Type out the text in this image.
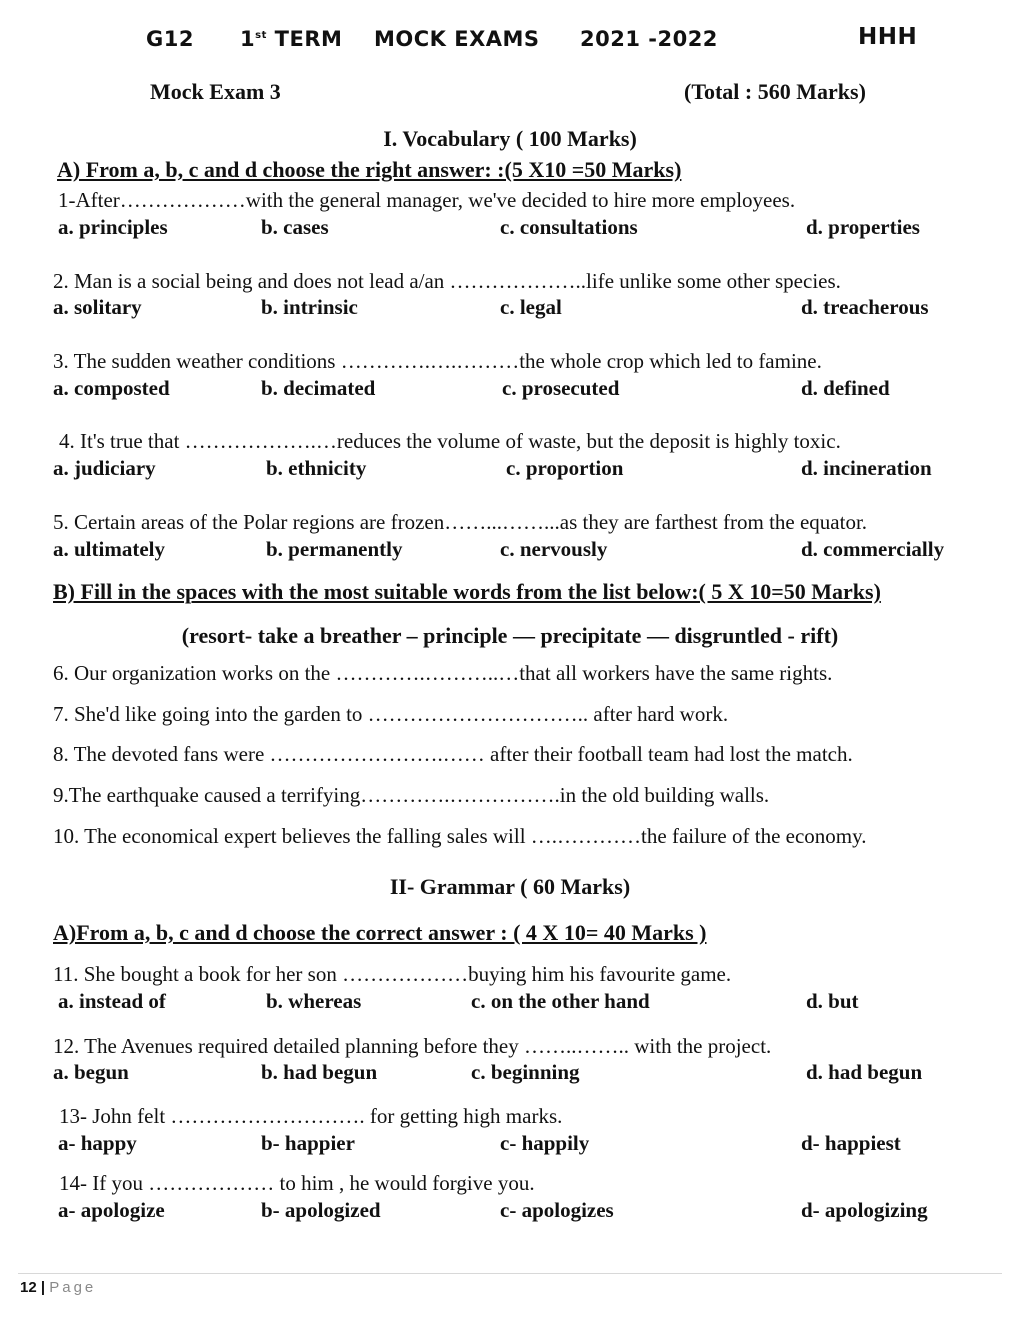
G12 1st TERM MOCK EXAMS 2021 -2022	HHH
Mock Exam 3	(Total : 560 Marks)
I. Vocabulary ( 100 Marks)
A) From a, b, c and d choose the right answer: :(5 X10 =50 Marks)
1-After………………with the general manager, we've decided to hire more employees.
a. principles	b. cases	c. consultations	d. properties
2. Man is a social being and does not lead a/an ………………..life unlike some other species.
a. solitary	b. intrinsic	c. legal	d. treacherous
3. The sudden weather conditions ………….….………the whole crop which led to famine.
a. composted	b. decimated	c. prosecuted	d. defined
4. It's true that ……………….…reduces the volume of waste, but the deposit is highly toxic.
a. judiciary	b. ethnicity	c. proportion	d. incineration
5. Certain areas of the Polar regions are frozen……...……...as they are farthest from the equator.
a. ultimately	b. permanently	c. nervously	d. commercially
B) Fill in the spaces with the most suitable words from the list below:( 5 X 10=50 Marks)
(resort- take a breather – principle — precipitate — disgruntled - rift)
6. Our organization works on the ………….………..…that all workers have the same rights.
7. She'd like going into the garden to ………………………….. after hard work.
8. The devoted fans were …………………….…… after their football team had lost the match.
9.The earthquake caused a terrifying………….…………….in the old building walls.
10. The economical expert believes the falling sales will ….…………the failure of the economy.
II- Grammar ( 60 Marks)
A)From a, b, c and d choose the correct answer : ( 4 X 10= 40 Marks )
11. She bought a book for her son ………………buying him his favourite game.
a. instead of	b. whereas	c. on the other hand	d. but
12. The Avenues required detailed planning before they ……..…….. with the project.
a. begun	b. had begun	c. beginning	d. had begun
13- John felt ………………………. for getting high marks.
a- happy	b- happier	c- happily	d- happiest
14- If you ……………… to him , he would forgive you.
a- apologize	b- apologized	c- apologizes	d- apologizing
12 | Page
